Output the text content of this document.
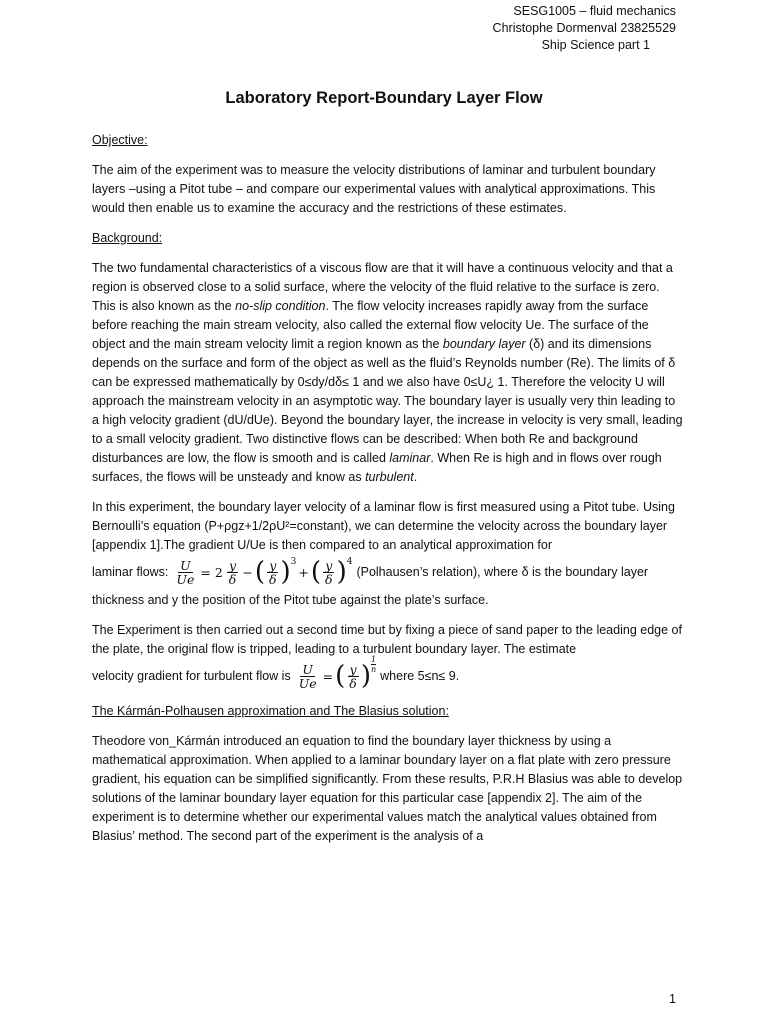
SESG1005 – fluid mechanics
Christophe Dormenval 23825529
Ship Science part 1
Laboratory Report-Boundary Layer Flow
Objective:

The aim of the experiment was to measure the velocity distributions of laminar and turbulent boundary layers –using a Pitot tube – and compare our experimental values with analytical approximations. This would then enable us to examine the accuracy and the restrictions of these estimates.

Background:

The two fundamental characteristics of a viscous flow are that it will have a continuous velocity and that a region is observed close to a solid surface, where the velocity of the fluid relative to the surface is zero. This is also known as the no-slip condition. The flow velocity increases rapidly away from the surface before reaching the main stream velocity, also called the external flow velocity Ue. The surface of the object and the main stream velocity limit a region known as the boundary layer (δ) and its dimensions depends on the surface and form of the object as well as the fluid’s Reynolds number (Re). The limits of δ can be expressed mathematically by 0≤dy/dδ≤ 1 and we also have 0≤U¿ 1. Therefore the velocity U will approach the mainstream velocity in an asymptotic way. The boundary layer is usually very thin leading to a high velocity gradient (dU/dUe). Beyond the boundary layer, the increase in velocity is very small, leading to a small velocity gradient. Two distinctive flows can be described: When both Re and background disturbances are low, the flow is smooth and is called laminar. When Re is high and in flows over rough surfaces, the flows will be unsteady and know as turbulent.

In this experiment, the boundary layer velocity of a laminar flow is first measured using a Pitot tube. Using Bernoulli’s equation (P+ρgz+1/2ρU²=constant), we can determine the velocity across the boundary layer [appendix 1].The gradient U/Ue is then compared to an analytical approximation for
laminar flows: $\frac{U}{Ue} = 2 \frac{y}{\delta}$ − ( $\frac{y}{\delta}$ ) 3
+ ( $\frac{y}{\delta}$ ) 4
(Polhausen’s relation), where δ is the boundary layer
thickness and y the position of the Pitot tube against the plate’s surface.
The Experiment is then carried out a second time but by fixing a piece of sand paper to the leading edge of the plate, the original flow is tripped, leading to a turbulent boundary layer. The estimate
velocity gradient for turbulent flow is $\frac{U}{Ue}$ = ( $\frac{y}{\delta}$ ) $\frac{1}{n}$
where 5≤n≤ 9.
The Kármán-Polhausen approximation and The Blasius solution:

Theodore von_Kármán introduced an equation to find the boundary layer thickness by using a mathematical approximation. When applied to a laminar boundary layer on a flat plate with zero pressure gradient, his equation can be simplified significantly. From these results, P.R.H Blasius was able to develop solutions of the laminar boundary layer equation for this particular case [appendix 2]. The aim of the experiment is to determine whether our experimental values match the analytical values obtained from Blasius’ method. The second part of the experiment is the analysis of a

1
